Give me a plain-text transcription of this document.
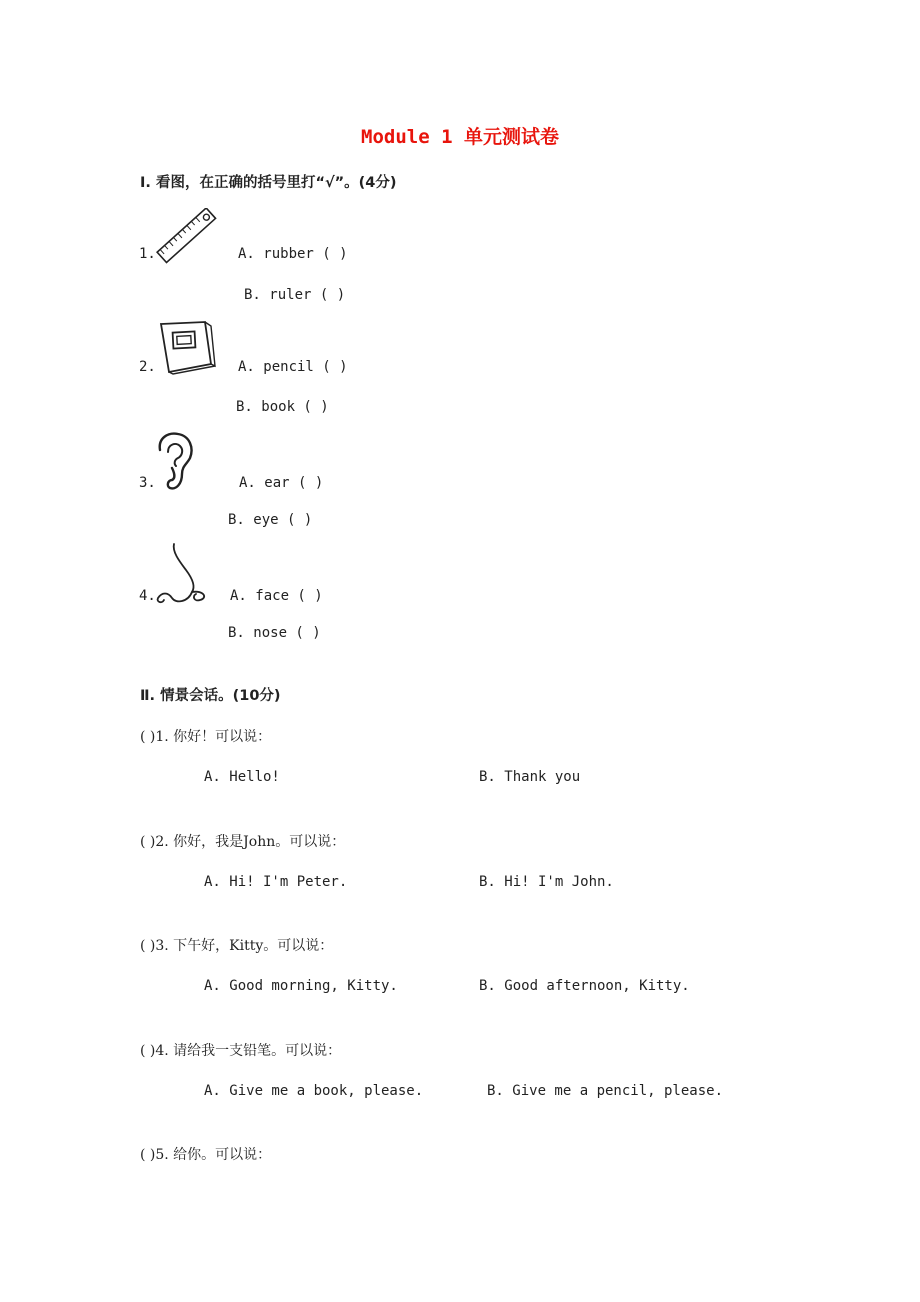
Module 1 单元测试卷
Ⅰ. 看图，在正确的括号里打“√”。(4分)
1.	A. rubber ( )
B. ruler ( )
2.	A. pencil ( )
B. book ( )
3.	A. ear ( )
B. eye ( )
4.	A. face ( )
B. nose ( )
Ⅱ. 情景会话。(10分)
( )1. 你好！可以说：
A. Hello!	B. Thank you
( )2. 你好，我是John。可以说：
A. Hi! I'm Peter.	B. Hi! I'm John.
( )3. 下午好，Kitty。可以说：
A. Good morning, Kitty.	B. Good afternoon, Kitty.
( )4. 请给我一支铅笔。可以说：
A. Give me a book, please.	B. Give me a pencil, please.
( )5. 给你。可以说：
